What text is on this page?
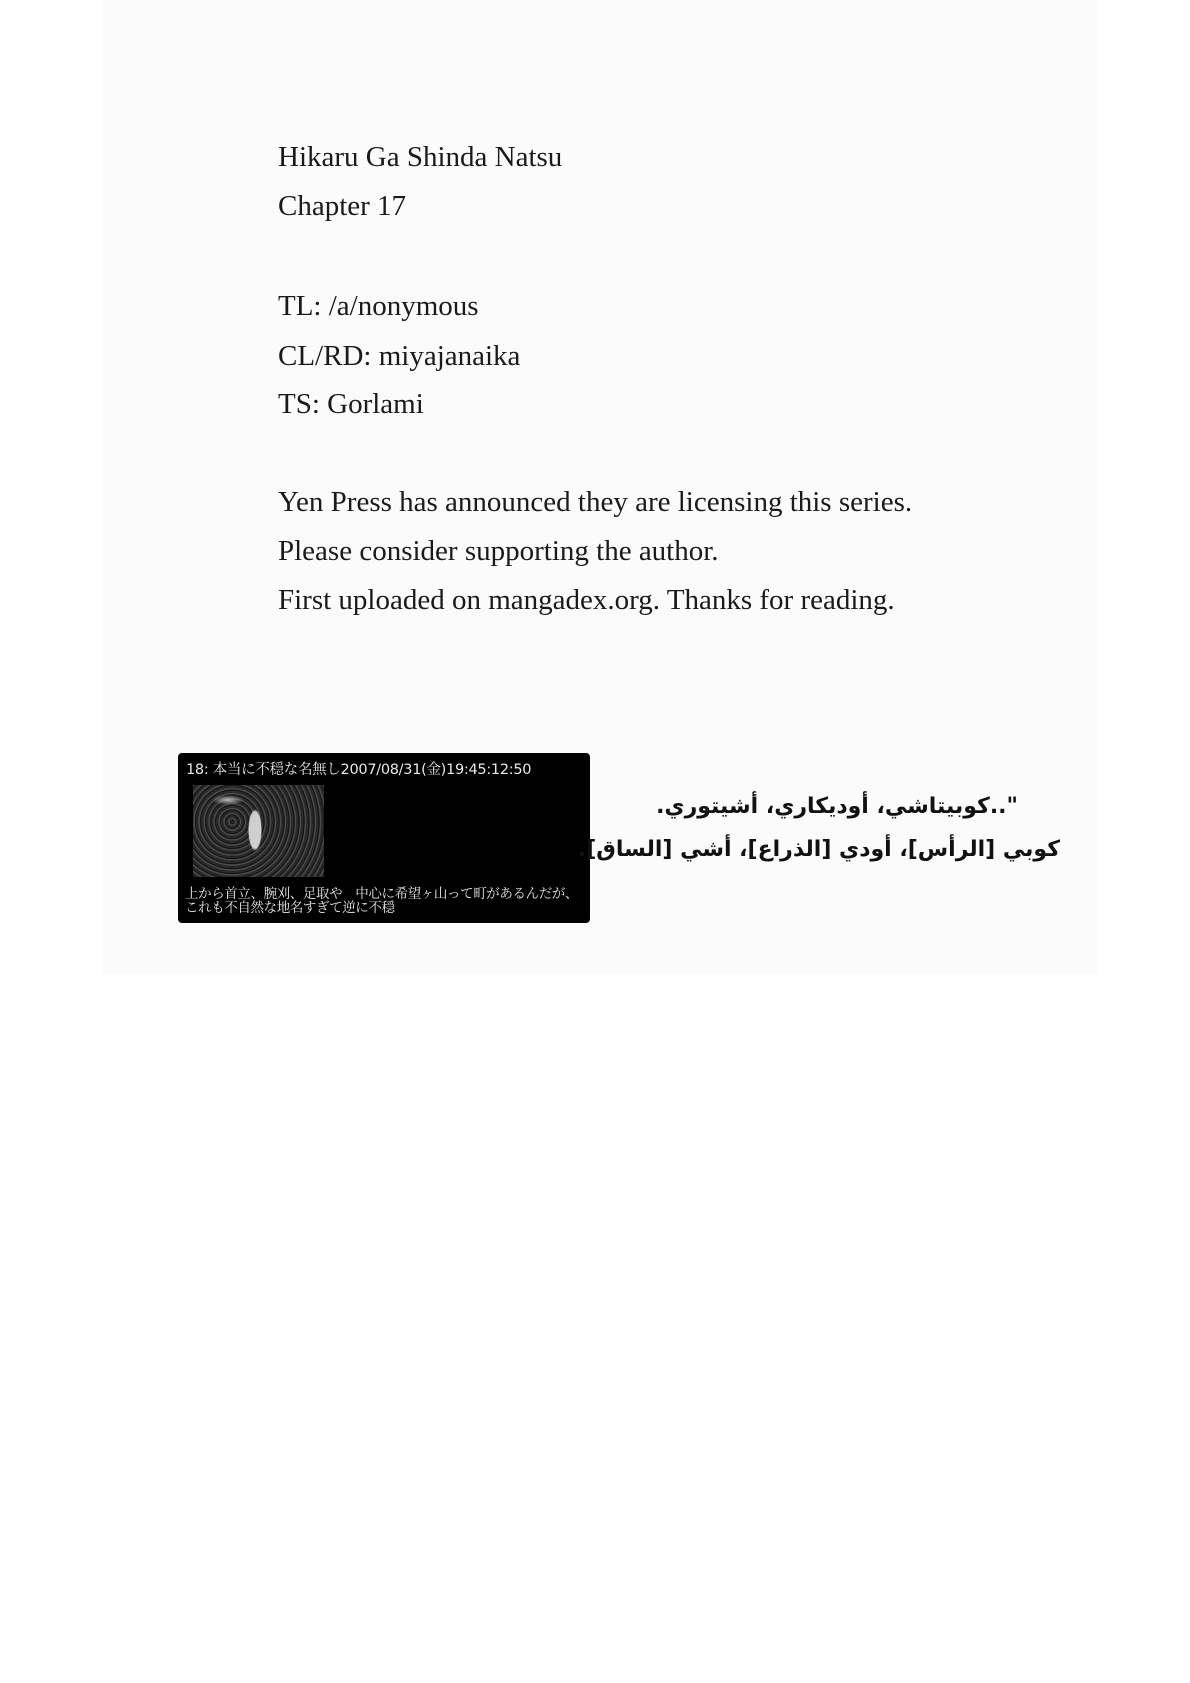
Hikaru Ga Shinda Natsu
Chapter 17
TL: /a/nonymous
CL/RD: miyajanaika
TS: Gorlami
Yen Press has announced they are licensing this series.
Please consider supporting the author.
First uploaded on mangadex.org. Thanks for reading.
18: 本当に不穏な名無し2007/08/31(金)19:45:12:50
上から首立、腕刈、足取や　中心に希望ヶ山って町があるんだが、
これも不自然な地名すぎて逆に不穏
"..كوبيتاشي، أوديكاري، أشيتوري.
كوبي [الرأس]، أودي [الذراع]، أشي [الساق].
